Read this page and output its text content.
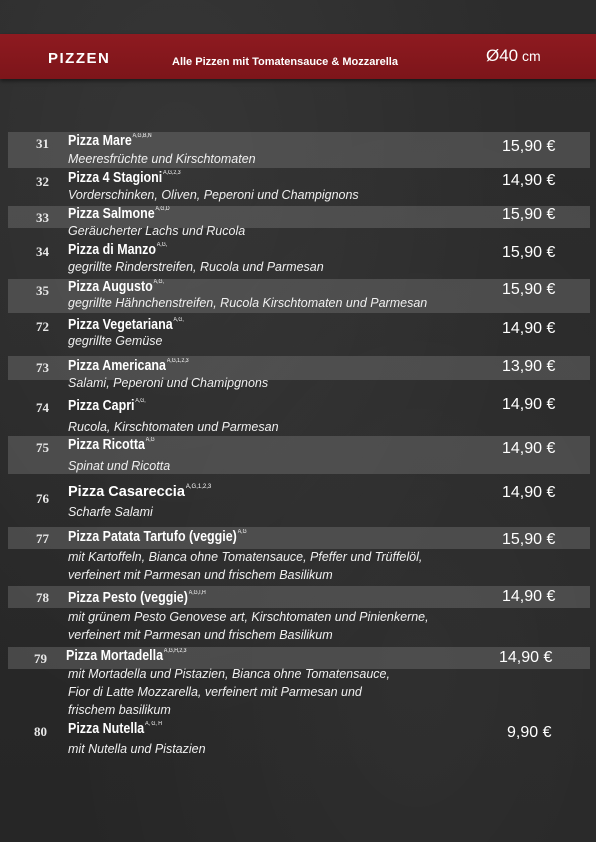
PIZZEN	Alle Pizzen mit Tomatensauce & Mozzarella	Ø40 cm
31	Pizza Mare$^{A,G,B,N}$
Meeresfrüchte und Kirschtomaten
15,90 €
32	Pizza 4 Stagioni$^{A,G,2,3}$
Vorderschinken, Oliven, Peperoni und Champignons
14,90 €
33	Pizza Salmone$^{A,G,D}$
Geräucherter Lachs und Rucola
15,90 €
34	Pizza di Manzo$^{A,G,}$
gegrillte Rinderstreifen, Rucola und Parmesan
15,90 €
35	Pizza Augusto$^{A,G,}$
gegrillte Hähnchenstreifen, Rucola Kirschtomaten und Parmesan
15,90 €
72	Pizza Vegetariana$^{A,G,}$
gegrillte Gemüse
14,90 €
73	Pizza Americana$^{A,G,1,2,3}$
Salami, Peperoni und Chamipgnons
13,90 €
74	Pizza Capri$^{A,G,}$
Rucola, Kirschtomaten und Parmesan
14,90 €
75	Pizza Ricotta$^{A,G}$
Spinat und Ricotta
14,90 €
76	Pizza Casareccia$^{A,G,1,2,3}$
Scharfe Salami
14,90 €
77	Pizza Patata Tartufo (veggie)$^{A,G}$
mit Kartoffeln, Bianca ohne Tomatensauce, Pfeffer und Trüffelöl,
verfeinert mit Parmesan und frischem Basilikum
15,90 €
78	Pizza Pesto (veggie)$^{A,G,I,H}$
mit grünem Pesto Genovese art, Kirschtomaten und Pinienkerne,
verfeinert mit Parmesan und frischem Basilikum
14,90 €
79	Pizza Mortadella$^{A,G,H,2,3}$
mit Mortadella und Pistazien, Bianca ohne Tomatensauce,
Fior di Latte Mozzarella, verfeinert mit Parmesan und
frischem basilikum
14,90 €
80	Pizza Nutella$^{A, G, H}$
mit Nutella und Pistazien
9,90 €
